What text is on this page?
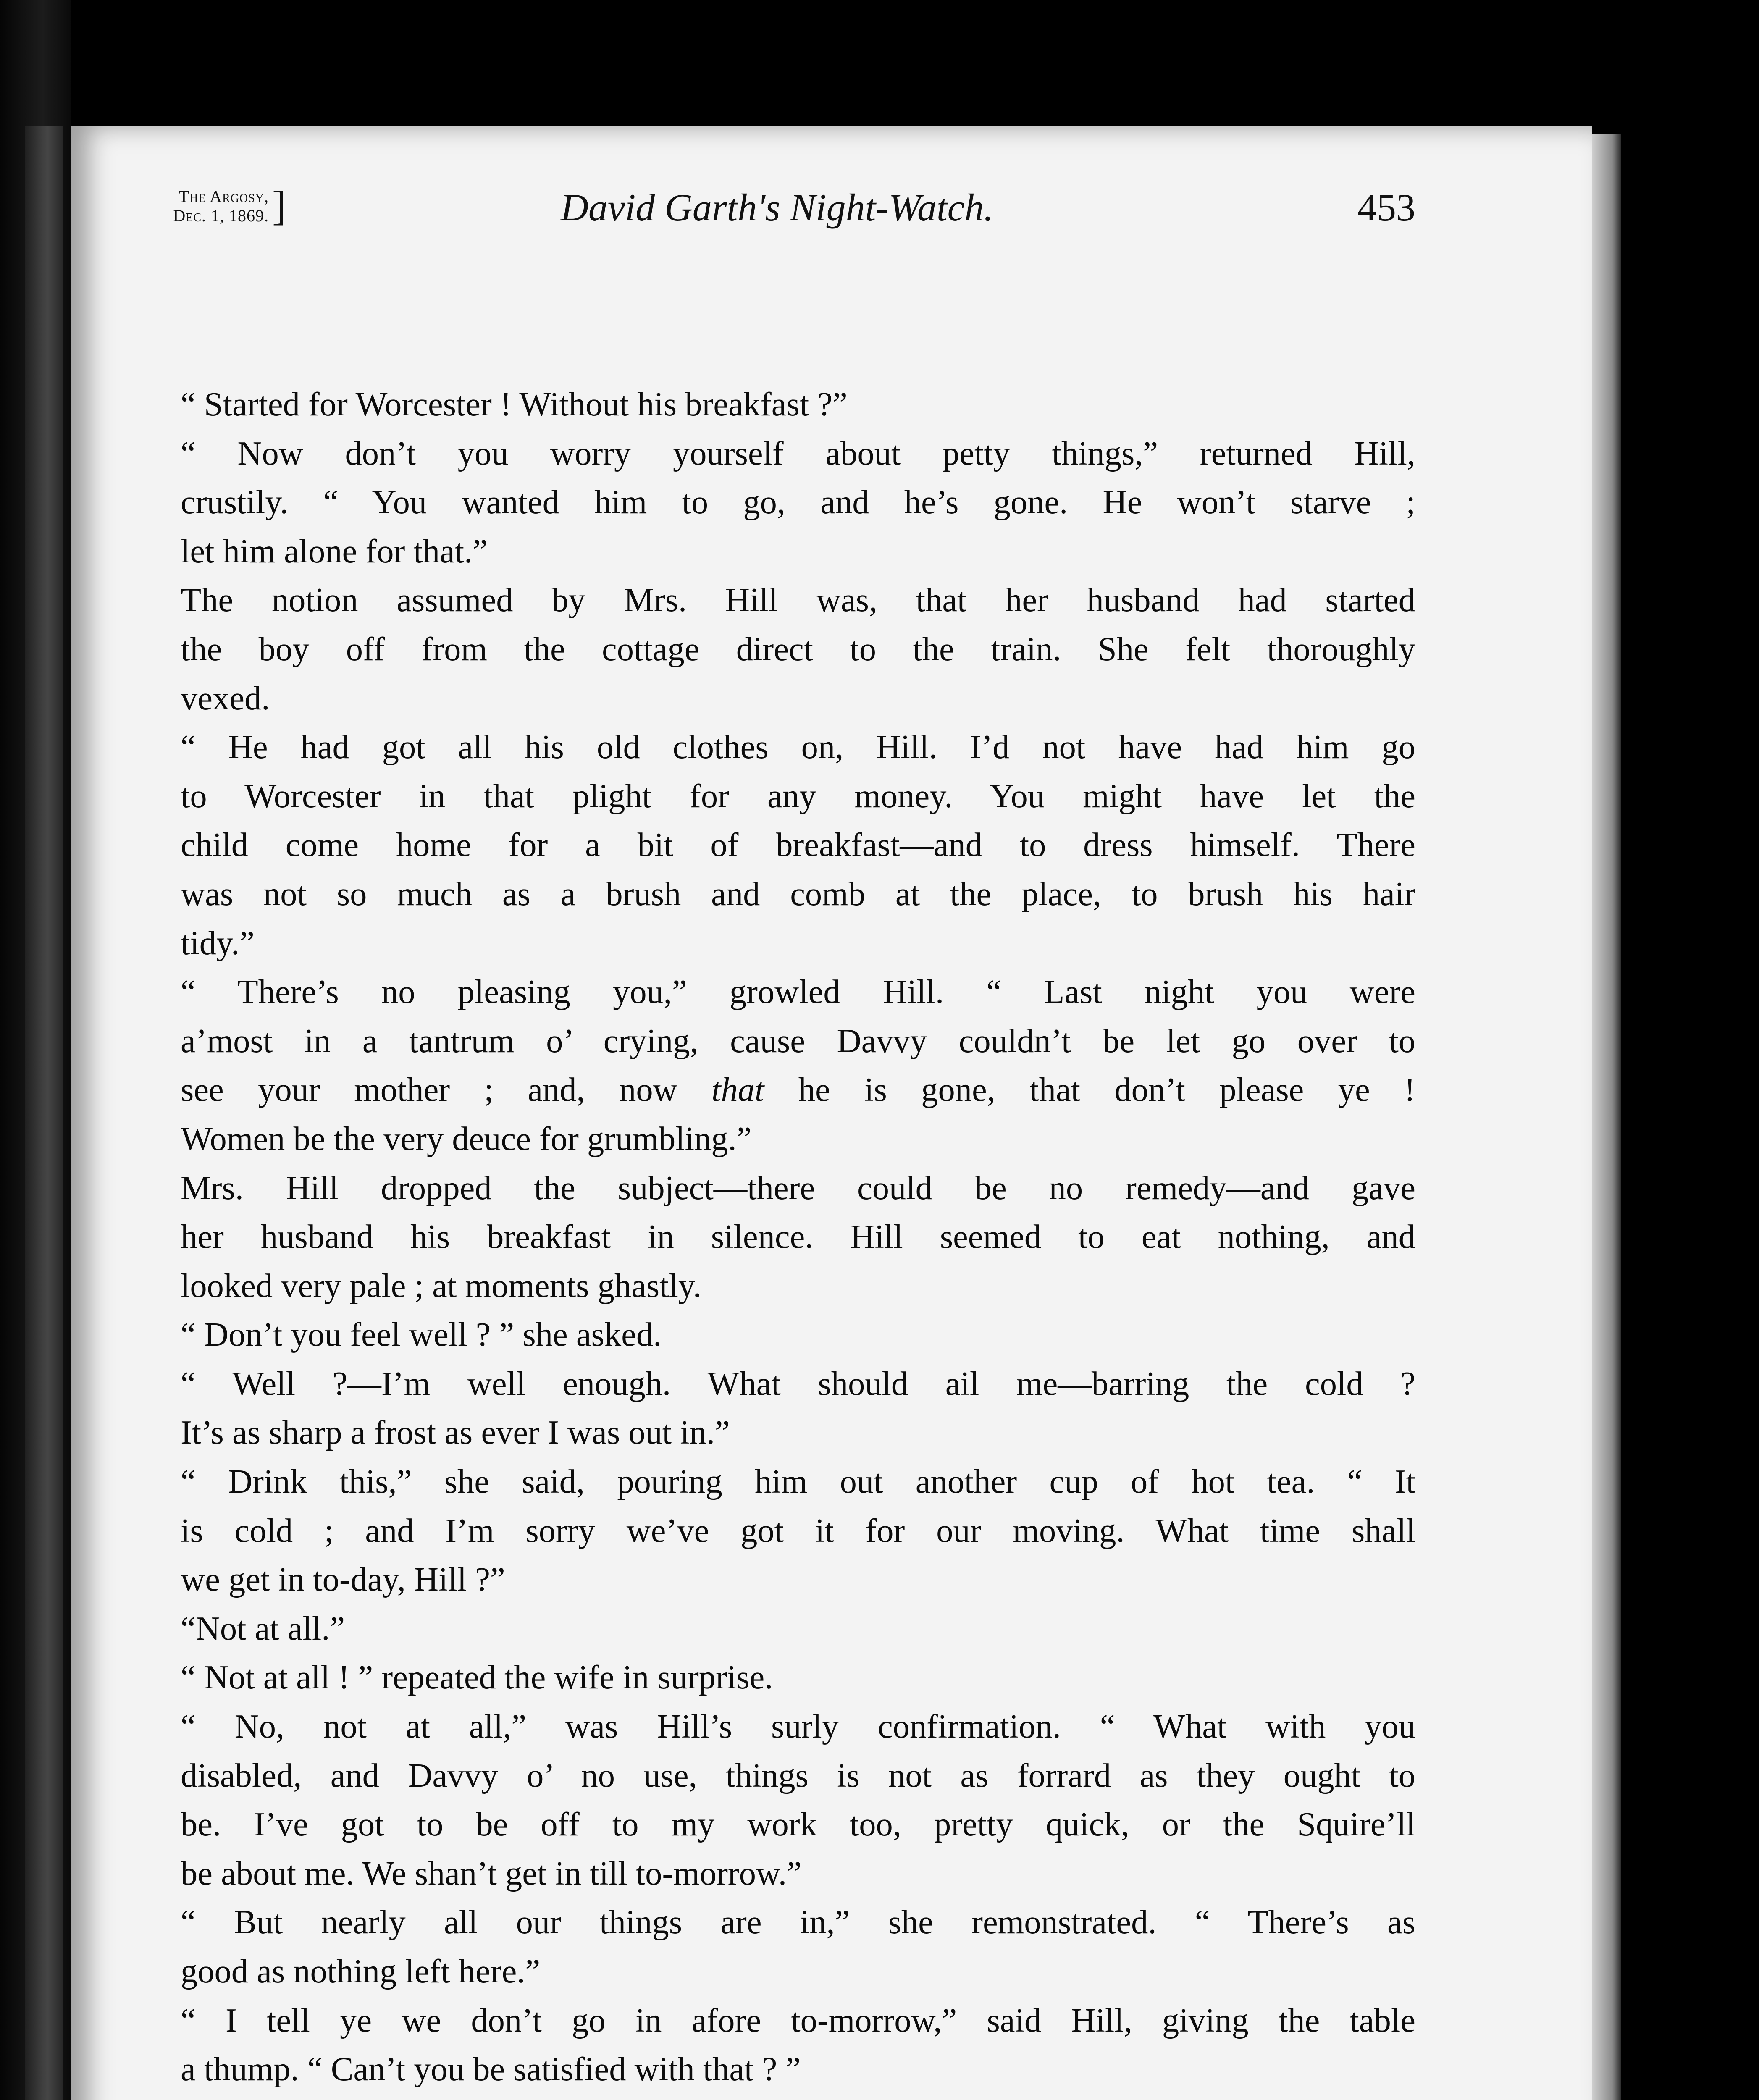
The Argosy,
Dec. 1, 1869. ]	David Garth's Night-Watch.	453
“ Started for Worcester ! Without his breakfast ?”
“ Now don’t you worry yourself about petty things,” returned Hill,
crustily. “ You wanted him to go, and he’s gone. He won’t starve ;
let him alone for that.”
The notion assumed by Mrs. Hill was, that her husband had started
the boy off from the cottage direct to the train. She felt thoroughly
vexed.
“ He had got all his old clothes on, Hill. I’d not have had him go
to Worcester in that plight for any money. You might have let the
child come home for a bit of breakfast—and to dress himself. There
was not so much as a brush and comb at the place, to brush his hair
tidy.”
“ There’s no pleasing you,” growled Hill. “ Last night you were
a’most in a tantrum o’ crying, cause Davvy couldn’t be let go over to
see your mother ; and, now that he is gone, that don’t please ye !
Women be the very deuce for grumbling.”
Mrs. Hill dropped the subject—there could be no remedy—and gave
her husband his breakfast in silence. Hill seemed to eat nothing, and
looked very pale ; at moments ghastly.
“ Don’t you feel well ? ” she asked.
“ Well ?—I’m well enough. What should ail me—barring the cold ?
It’s as sharp a frost as ever I was out in.”
“ Drink this,” she said, pouring him out another cup of hot tea. “ It
is cold ; and I’m sorry we’ve got it for our moving. What time shall
we get in to-day, Hill ?”
“Not at all.”
“ Not at all ! ” repeated the wife in surprise.
“ No, not at all,” was Hill’s surly confirmation. “ What with you
disabled, and Davvy o’ no use, things is not as forrard as they ought to
be. I’ve got to be off to my work too, pretty quick, or the Squire’ll
be about me. We shan’t get in till to-morrow.”
“ But nearly all our things are in,” she remonstrated. “ There’s as
good as nothing left here.”
“ I tell ye we don’t go in afore to-morrow,” said Hill, giving the table
a thump. “ Can’t you be satisfied with that ? ”
